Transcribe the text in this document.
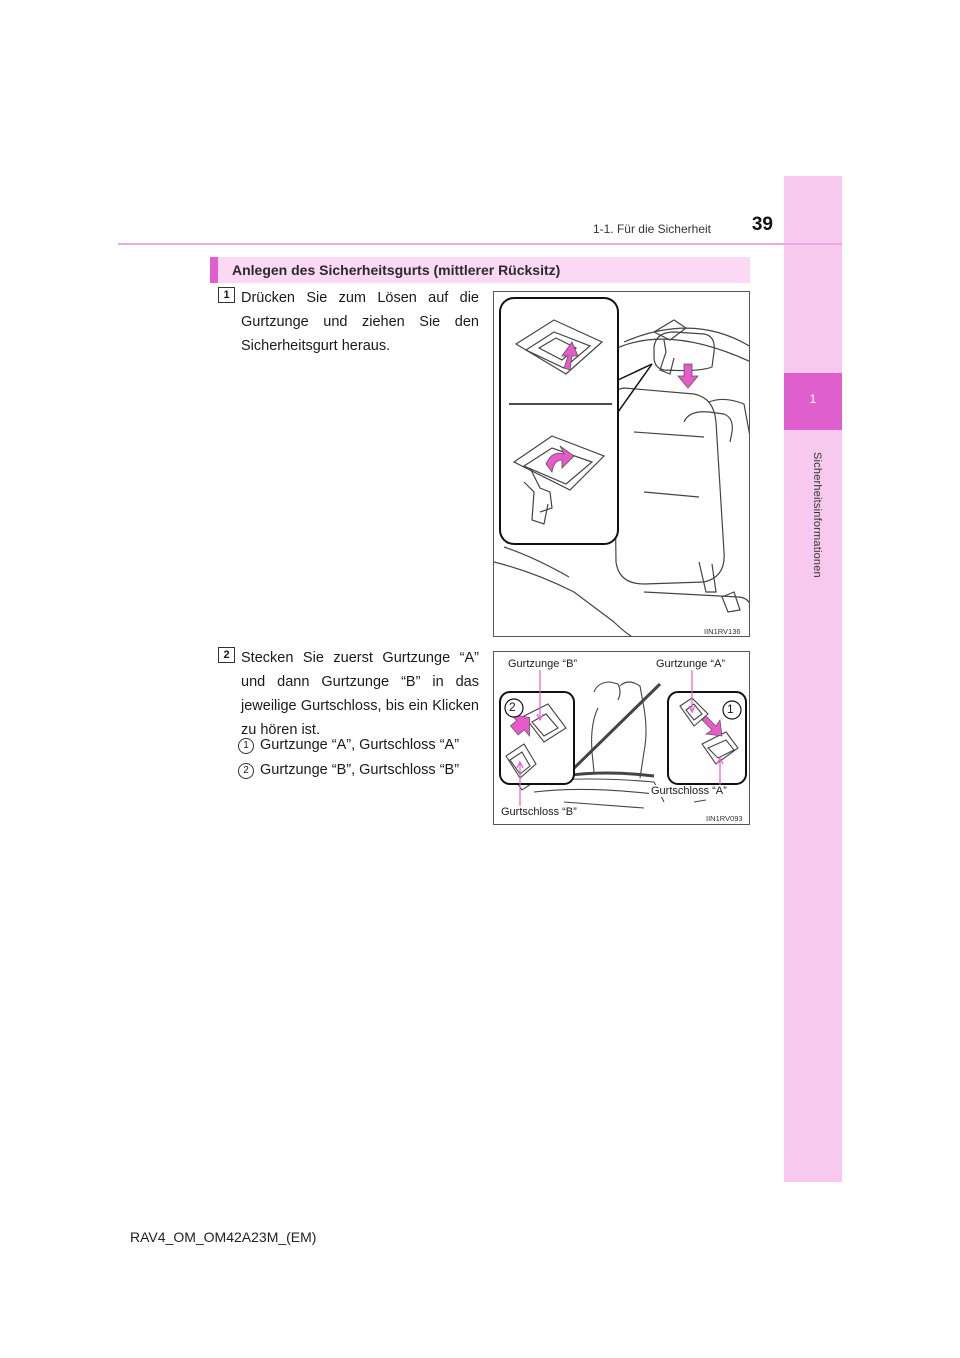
1
Sicherheitsinformationen
1-1. Für die Sicherheit	39
Anlegen des Sicherheitsgurts (mittlerer Rücksitz)
1 Drücken Sie zum Lösen auf die Gurtzunge und ziehen Sie den Sicherheitsgurt heraus.
IIN1RV136
2 Stecken Sie zuerst Gurtzunge “A” und dann Gurtzunge “B” in das jeweilige Gurtschloss, bis ein Klicken zu hören ist.
1 Gurtzunge “A”, Gurtschloss “A”
2 Gurtzunge “B”, Gurtschloss “B”
2	1
Gurtzunge “B”	Gurtzunge “A”
Gurtschloss “B”
Gurtschloss “A”
IIN1RV093
RAV4_OM_OM42A23M_(EM)
